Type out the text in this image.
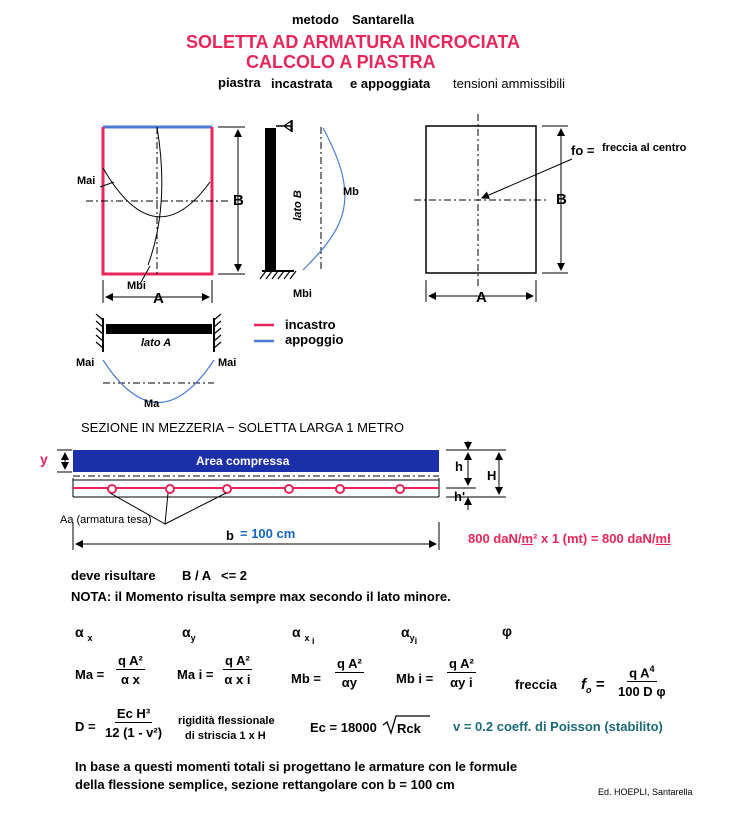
metodo Santarella
SOLETTA AD ARMATURA INCROCIATA
CALCOLO A PIASTRA
piastra incastrata e appoggiata tensioni ammissibili
Mai
Mbi
B
A
lato B	Mb
Mbi
fo = freccia al centro
B
A
lato A
Mai	Mai
Ma
incastro
appoggio
SEZIONE IN MEZZERIA − SOLETTA LARGA 1 METRO
y	Area compressa	h
H
h'
Aa (armatura tesa)
b = 100 cm	800 daN/m² x 1 (mt) = 800 daN/ml
deve risultare B / A <= 2
NOTA: il Momento risulta sempre max secondo il lato minore.
α $_x$	$\alpha_y$	α $_{x _i}$
$\alpha_{y_i}$
φ
$Ma = \frac{\text{q A²}}{\text{α x}}$ Ma $i = \frac{\text{q A²}}{\text{α x i}}$	$Mb = \frac{\text{q A²}}{\alpha y}$ Mb $i = \frac{\text{q A²}}{\text{αy i}}$	freccia $f_o = \frac{q A^4}{\text{100 D φ}}$
$D = \frac{\text{Ec H³}}{\text{12 (1 - v²)}}$ rigidità flessionale
di striscia 1 x H
Ec = 18000 Rck v = 0.2 coeff. di Poisson (stabilito)
In base a questi momenti totali si progettano le armature con le formule
della flessione semplice, sezione rettangolare con b = 100 cm	Ed. HOEPLI, Santarella
